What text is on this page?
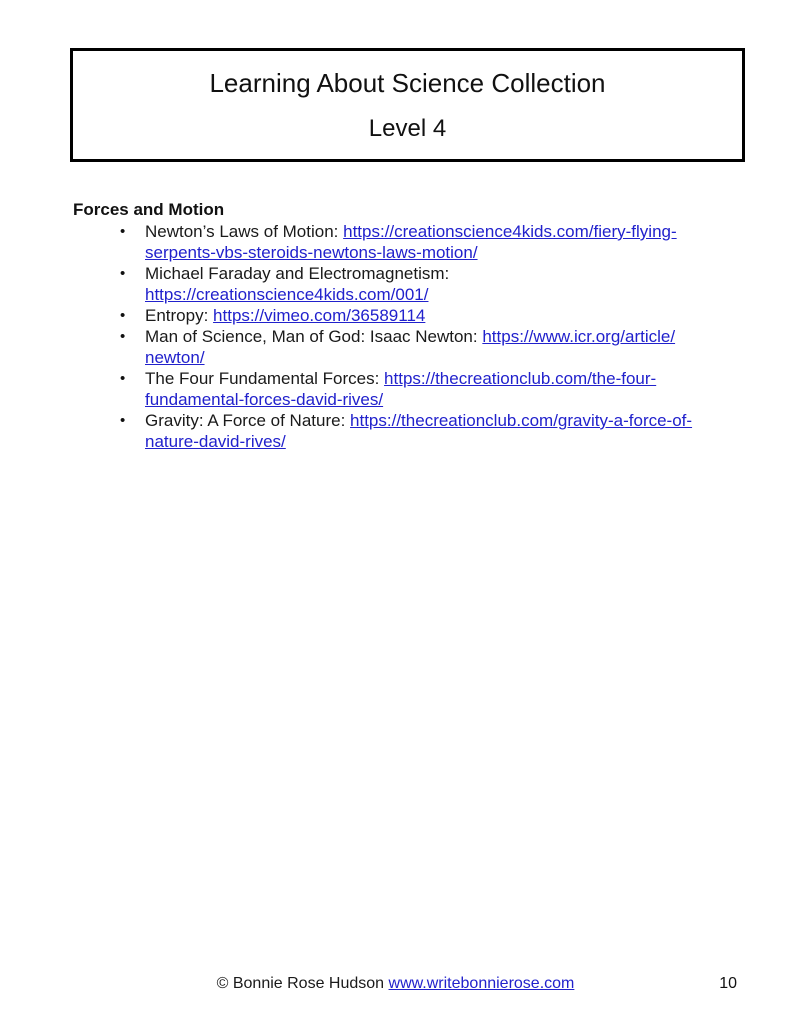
Learning About Science Collection
Level 4
Forces and Motion
• Newton’s Laws of Motion: https://creationscience4kids.com/fiery-flying-
serpents-vbs-steroids-newtons-laws-motion/
• Michael Faraday and Electromagnetism:
https://creationscience4kids.com/001/
• Entropy: https://vimeo.com/36589114
• Man of Science, Man of God: Isaac Newton: https://www.icr.org/article/
newton/
• The Four Fundamental Forces: https://thecreationclub.com/the-four-
fundamental-forces-david-rives/
• Gravity: A Force of Nature: https://thecreationclub.com/gravity-a-force-of-
nature-david-rives/
© Bonnie Rose Hudson www.writebonnierose.com	10
